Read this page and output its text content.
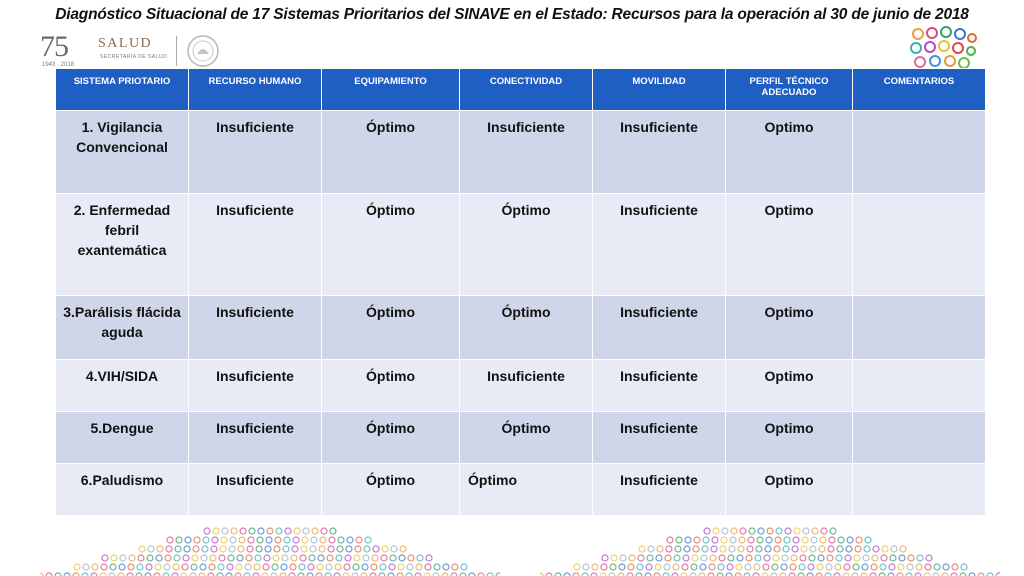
Diagnóstico Situacional de 17 Sistemas Prioritarios del SINAVE en el Estado: Recursos para la operación al 30 de junio de 2018
75
1943 · 2018
SALUD
SECRETARÍA DE SALUD
SISTEMA PRIOTARIO	RECURSO HUMANO	EQUIPAMIENTO	CONECTIVIDAD	MOVILIDAD	PERFIL TÉCNICO ADECUADO	COMENTARIOS
1. Vigilancia Convencional	Insuficiente	Óptimo	Insuficiente	Insuficiente	Optimo	
2. Enfermedad febril exantemática	Insuficiente	Óptimo	Óptimo	Insuficiente	Optimo	
3.Parálisis flácida aguda	Insuficiente	Óptimo	Óptimo	Insuficiente	Optimo	
4.VIH/SIDA	Insuficiente	Óptimo	Insuficiente	Insuficiente	Optimo	
5.Dengue	Insuficiente	Óptimo	Óptimo	Insuficiente	Optimo	
6.Paludismo	Insuficiente	Óptimo	Óptimo	Insuficiente	Optimo	
